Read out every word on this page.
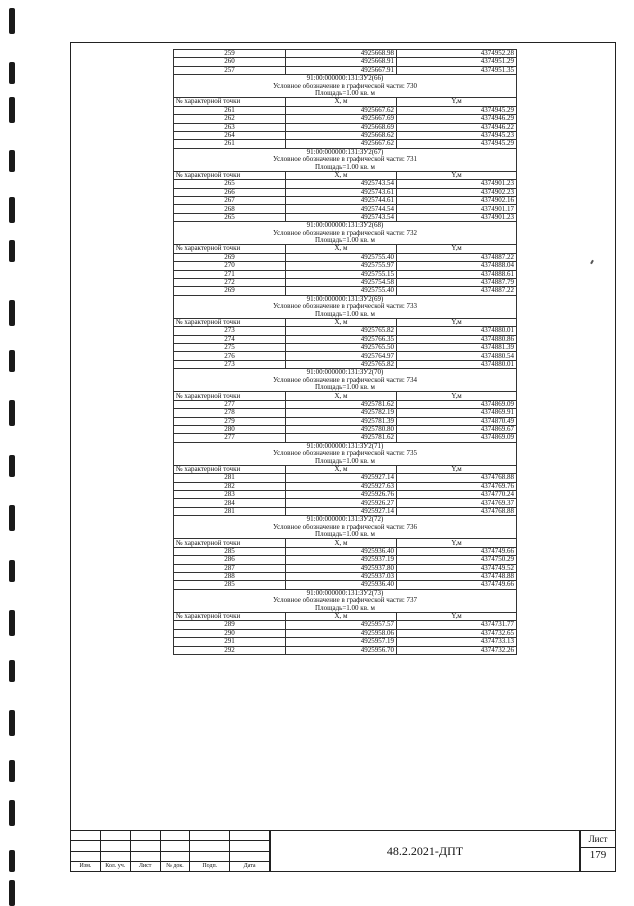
259	4925668.98	4374952.28
260	4925668.91	4374951.29
257	4925667.91	4374951.35
91:00:000000:131:ЗУ2(66)		
Условное обозначение в графической части: 730		
Площадь=1.00 кв. м		
№ характерной точки	X, м	Y,м
261	4925667.62	4374945.29
262	4925667.69	4374946.29
263	4925668.69	4374946.22
264	4925668.62	4374945.23
261	4925667.62	4374945.29
91:00:000000:131:ЗУ2(67)		
Условное обозначение в графической части: 731		
Площадь=1.00 кв. м		
№ характерной точки	X, м	Y,м
265	4925743.54	4374901.23
266	4925743.61	4374902.23
267	4925744.61	4374902.16
268	4925744.54	4374901.17
265	4925743.54	4374901.23
91:00:000000:131:ЗУ2(68)		
Условное обозначение в графической части: 732		
Площадь=1.00 кв. м		
№ характерной точки	X, м	Y,м
269	4925755.40	4374887.22
270	4925755.97	4374888.04
271	4925755.15	4374888.61
272	4925754.58	4374887.79
269	4925755.40	4374887.22
91:00:000000:131:ЗУ2(69)		
Условное обозначение в графической части: 733		
Площадь=1.00 кв. м		
№ характерной точки	X, м	Y,м
273	4925765.82	4374880.01
274	4925766.35	4374880.86
275	4925765.50	4374881.39
276	4925764.97	4374880.54
273	4925765.82	4374880.01
91:00:000000:131:ЗУ2(70)		
Условное обозначение в графической части: 734		
Площадь=1.00 кв. м		
№ характерной точки	X, м	Y,м
277	4925781.62	4374869.09
278	4925782.19	4374869.91
279	4925781.39	4374870.49
280	4925780.80	4374869.67
277	4925781.62	4374869.09
91:00:000000:131:ЗУ2(71)		
Условное обозначение в графической части: 735		
Площадь=1.00 кв. м		
№ характерной точки	X, м	Y,м
281	4925927.14	4374768.88
282	4925927.63	4374769.76
283	4925926.76	4374770.24
284	4925926.27	4374769.37
281	4925927.14	4374768.88
91:00:000000:131:ЗУ2(72)		
Условное обозначение в графической части: 736		
Площадь=1.00 кв. м		
№ характерной точки	X, м	Y,м
285	4925936.40	4374749.66
286	4925937.19	4374750.29
287	4925937.80	4374749.52
288	4925937.03	4374748.88
285	4925936.40	4374749.66
91:00:000000:131:ЗУ2(73)		
Условное обозначение в графической части: 737		
Площадь=1.00 кв. м		
№ характерной точки	X, м	Y,м
289	4925957.57	4374731.77
290	4925958.06	4374732.65
291	4925957.19	4374733.13
292	4925956.70	4374732.26

Изм.	Кол. уч.	Лист	№ док.	Подп.	Дата
48.2.2021-ДПТ
Лист
179
